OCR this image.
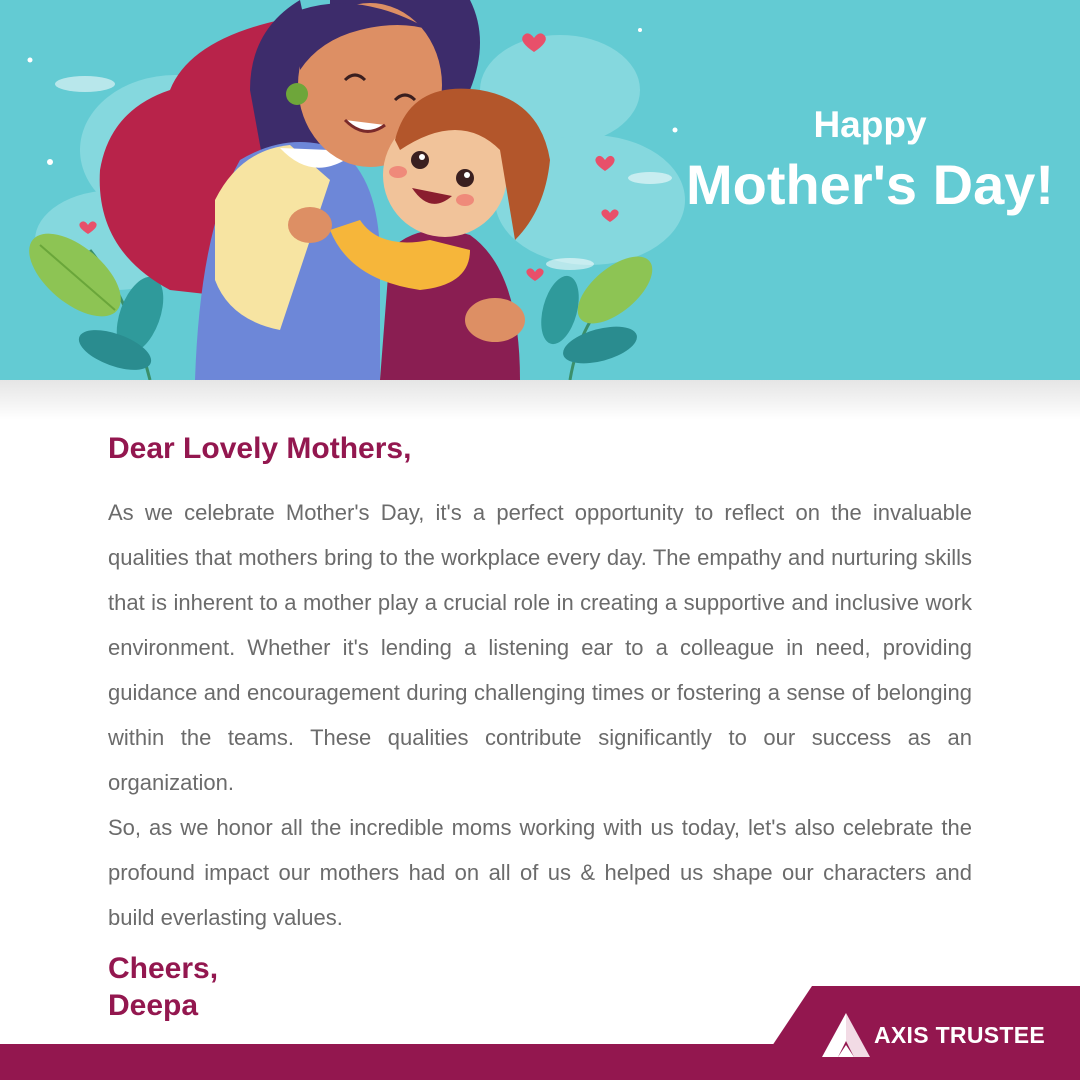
Happy
Mother's Day!
Dear Lovely Mothers,

As we celebrate Mother's Day, it's a perfect opportunity to reflect on the invaluable qualities that mothers bring to the workplace every day. The empathy and nurturing skills that is inherent to a mother play a crucial role in creating a supportive and inclusive work environment. Whether it's lending a listening ear to a colleague in need, providing guidance and encouragement during challenging times or fostering a sense of belonging within the teams. These qualities contribute significantly to our success as an organization.

So, as we honor all the incredible moms working with us today, let's also celebrate the profound impact our mothers had on all of us & helped us shape our characters and build everlasting values.

Cheers,
Deepa
AXIS TRUSTEE
